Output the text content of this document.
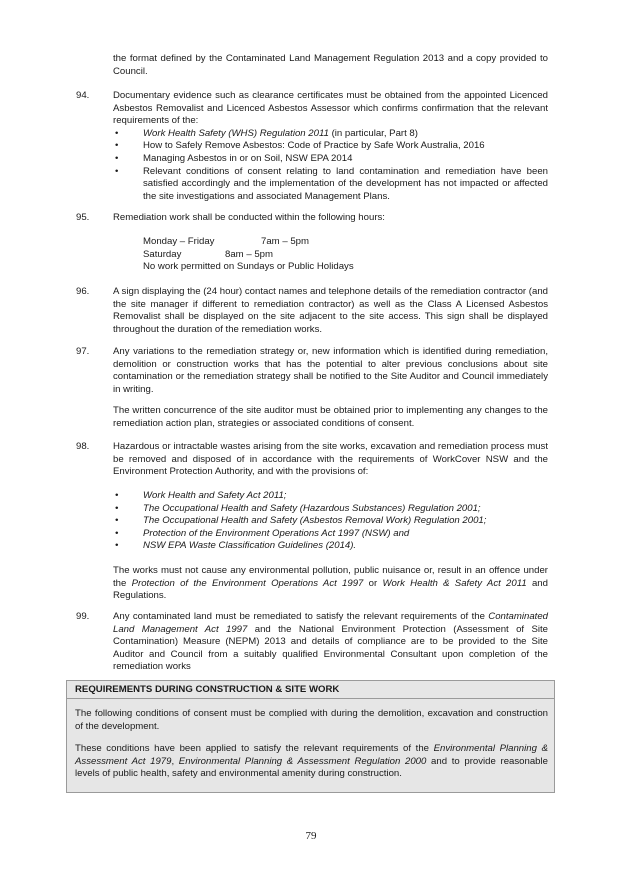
the format defined by the Contaminated Land Management Regulation 2013 and a copy provided to Council.

94. Documentary evidence such as clearance certificates must be obtained from the appointed Licenced Asbestos Removalist and Licenced Asbestos Assessor which confirms confirmation that the relevant requirements of the:

•	Work Health Safety (WHS) Regulation 2011 (in particular, Part 8)
•	How to Safely Remove Asbestos: Code of Practice by Safe Work Australia, 2016
•	Managing Asbestos in or on Soil, NSW EPA 2014
•	Relevant conditions of consent relating to land contamination and remediation have been satisfied accordingly and the implementation of the development has not impacted or affected the site investigations and associated Management Plans.
95. Remediation work shall be conducted within the following hours:

Monday – Friday	7am – 5pm
Saturday	8am – 5pm
No work permitted on Sundays or Public Holidays
96. A sign displaying the (24 hour) contact names and telephone details of the remediation contractor (and the site manager if different to remediation contractor) as well as the Class A Licensed Asbestos Removalist shall be displayed on the site adjacent to the site access. This sign shall be displayed throughout the duration of the remediation works.

97. Any variations to the remediation strategy or, new information which is identified during remediation, demolition or construction works that has the potential to alter previous conclusions about site contamination or the remediation strategy shall be notified to the Site Auditor and Council immediately in writing.

The written concurrence of the site auditor must be obtained prior to implementing any changes to the remediation action plan, strategies or associated conditions of consent.

98. Hazardous or intractable wastes arising from the site works, excavation and remediation process must be removed and disposed of in accordance with the requirements of WorkCover NSW and the Environment Protection Authority, and with the provisions of:

•	Work Health and Safety Act 2011;
•	The Occupational Health and Safety (Hazardous Substances) Regulation 2001;
•	The Occupational Health and Safety (Asbestos Removal Work) Regulation 2001;
•	Protection of the Environment Operations Act 1997 (NSW) and
•	NSW EPA Waste Classification Guidelines (2014).

The works must not cause any environmental pollution, public nuisance or, result in an offence under the Protection of the Environment Operations Act 1997 or Work Health & Safety Act 2011 and Regulations.

99. Any contaminated land must be remediated to satisfy the relevant requirements of the Contaminated Land Management Act 1997 and the National Environment Protection (Assessment of Site Contamination) Measure (NEPM) 2013 and details of compliance are to be provided to the Site Auditor and Council from a suitably qualified Environmental Consultant upon completion of the remediation works

REQUIREMENTS DURING CONSTRUCTION & SITE WORK

The following conditions of consent must be complied with during the demolition, excavation and construction of the development.

These conditions have been applied to satisfy the relevant requirements of the Environmental Planning & Assessment Act 1979, Environmental Planning & Assessment Regulation 2000 and to provide reasonable levels of public health, safety and environmental amenity during construction.

79
